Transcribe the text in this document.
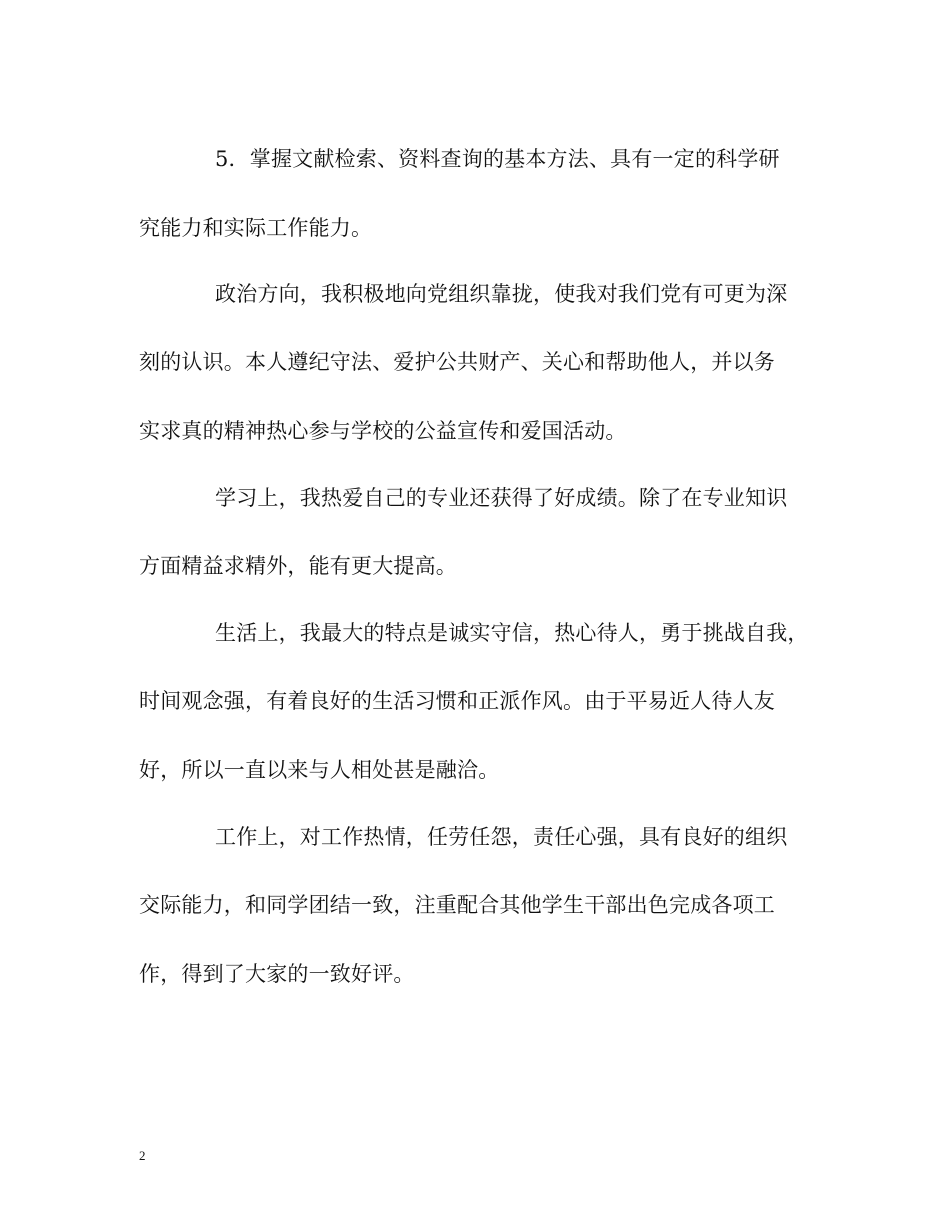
5．掌握文献检索、资料查询的基本方法、具有一定的科学研
究能力和实际工作能力。
政治方向，我积极地向党组织靠拢，使我对我们党有可更为深
刻的认识。本人遵纪守法、爱护公共财产、关心和帮助他人，并以务
实求真的精神热心参与学校的公益宣传和爱国活动。
学习上，我热爱自己的专业还获得了好成绩。除了在专业知识
方面精益求精外，能有更大提高。
生活上，我最大的特点是诚实守信，热心待人，勇于挑战自我，
时间观念强，有着良好的生活习惯和正派作风。由于平易近人待人友
好，所以一直以来与人相处甚是融洽。
工作上，对工作热情，任劳任怨，责任心强，具有良好的组织
交际能力，和同学团结一致，注重配合其他学生干部出色完成各项工
作，得到了大家的一致好评。
2
